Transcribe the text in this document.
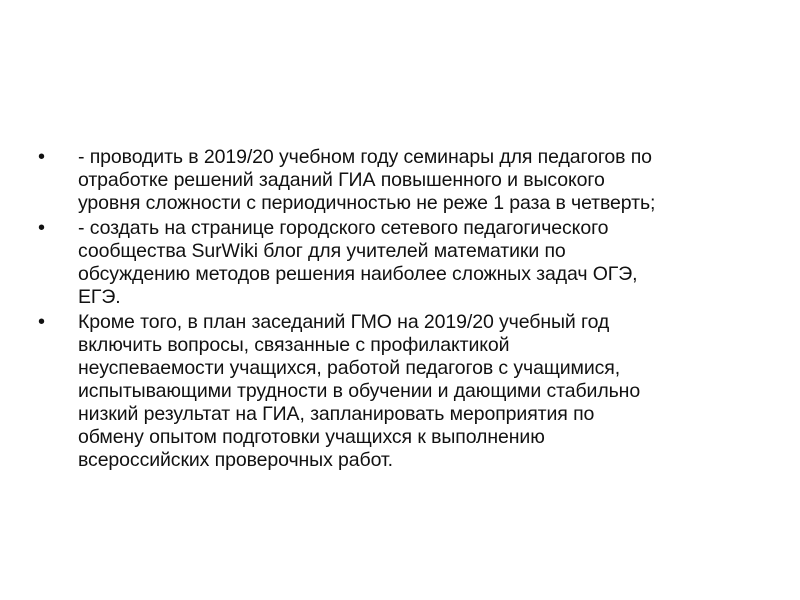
•	- проводить в 2019/20 учебном году семинары для педагогов по
отработке решений заданий ГИА повышенного и высокого
уровня сложности с периодичностью не реже 1 раза в четверть;
•	- создать на странице городского сетевого педагогического
сообщества SurWiki блог для учителей математики по
обсуждению методов решения наиболее сложных задач ОГЭ,
ЕГЭ.
•	Кроме того, в план заседаний ГМО на 2019/20 учебный год
включить вопросы, связанные с профилактикой
неуспеваемости учащихся, работой педагогов с учащимися,
испытывающими трудности в обучении и дающими стабильно
низкий результат на ГИА, запланировать мероприятия по
обмену опытом подготовки учащихся к выполнению
всероссийских проверочных работ.
